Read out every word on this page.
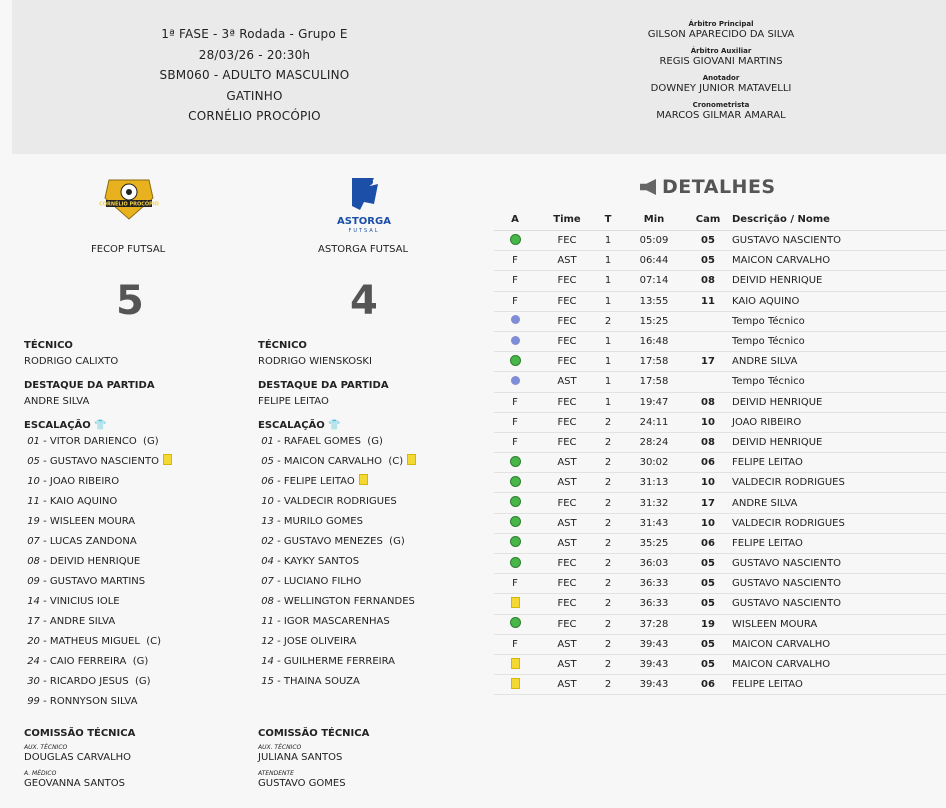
1ª FASE - 3ª Rodada - Grupo E
28/03/26 - 20:30h
SBM060 - ADULTO MASCULINO
GATINHO
CORNÉLIO PROCÓPIO
Árbitro Principal
GILSON APARECIDO DA SILVA
Árbitro Auxiliar
REGIS GIOVANI MARTINS
Anotador
DOWNEY JUNIOR MATAVELLI
Cronometrista
MARCOS GILMAR AMARAL
CORNÉLIO PROCÓPIO
FECOP FUTSAL
5
ASTORGA
FUTSAL
ASTORGA FUTSAL
4
TÉCNICO
RODRIGO CALIXTO
DESTAQUE DA PARTIDA
ANDRE SILVA
ESCALAÇÃO 👕
01 - VITOR DARIENCO  (G)
05 - GUSTAVO NASCIENTO
10 - JOAO RIBEIRO
11 - KAIO AQUINO
19 - WISLEEN MOURA
07 - LUCAS ZANDONA
08 - DEIVID HENRIQUE
09 - GUSTAVO MARTINS
14 - VINICIUS IOLE
17 - ANDRE SILVA
20 - MATHEUS MIGUEL  (C)
24 - CAIO FERREIRA  (G)
30 - RICARDO JESUS  (G)
99 - RONNYSON SILVA
COMISSÃO TÉCNICA
AUX. TÉCNICO
DOUGLAS CARVALHO
A. MÉDICO
GEOVANNA SANTOS
TÉCNICO
RODRIGO WIENSKOSKI
DESTAQUE DA PARTIDA
FELIPE LEITAO
ESCALAÇÃO 👕
01 - RAFAEL GOMES  (G)
05 - MAICON CARVALHO  (C)
06 - FELIPE LEITAO
10 - VALDECIR RODRIGUES
13 - MURILO GOMES
02 - GUSTAVO MENEZES  (G)
04 - KAYKY SANTOS
07 - LUCIANO FILHO
08 - WELLINGTON FERNANDES
11 - IGOR MASCARENHAS
12 - JOSE OLIVEIRA
14 - GUILHERME FERREIRA
15 - THAINA SOUZA
COMISSÃO TÉCNICA
AUX. TÉCNICO
JULIANA SANTOS
ATENDENTE
GUSTAVO GOMES
DETALHES
A	Time	T	Min	Cam	Descrição / Nome
	FEC	1	05:09	05	GUSTAVO NASCIENTO
F	AST	1	06:44	05	MAICON CARVALHO
F	FEC	1	07:14	08	DEIVID HENRIQUE
F	FEC	1	13:55	11	KAIO AQUINO
	FEC	2	15:25		Tempo Técnico
	FEC	1	16:48		Tempo Técnico
	FEC	1	17:58	17	ANDRE SILVA
	AST	1	17:58		Tempo Técnico
F	FEC	1	19:47	08	DEIVID HENRIQUE
F	FEC	2	24:11	10	JOAO RIBEIRO
F	FEC	2	28:24	08	DEIVID HENRIQUE
	AST	2	30:02	06	FELIPE LEITAO
	AST	2	31:13	10	VALDECIR RODRIGUES
	FEC	2	31:32	17	ANDRE SILVA
	AST	2	31:43	10	VALDECIR RODRIGUES
	AST	2	35:25	06	FELIPE LEITAO
	FEC	2	36:03	05	GUSTAVO NASCIENTO
F	FEC	2	36:33	05	GUSTAVO NASCIENTO
	FEC	2	36:33	05	GUSTAVO NASCIENTO
	FEC	2	37:28	19	WISLEEN MOURA
F	AST	2	39:43	05	MAICON CARVALHO
	AST	2	39:43	05	MAICON CARVALHO
	AST	2	39:43	06	FELIPE LEITAO
